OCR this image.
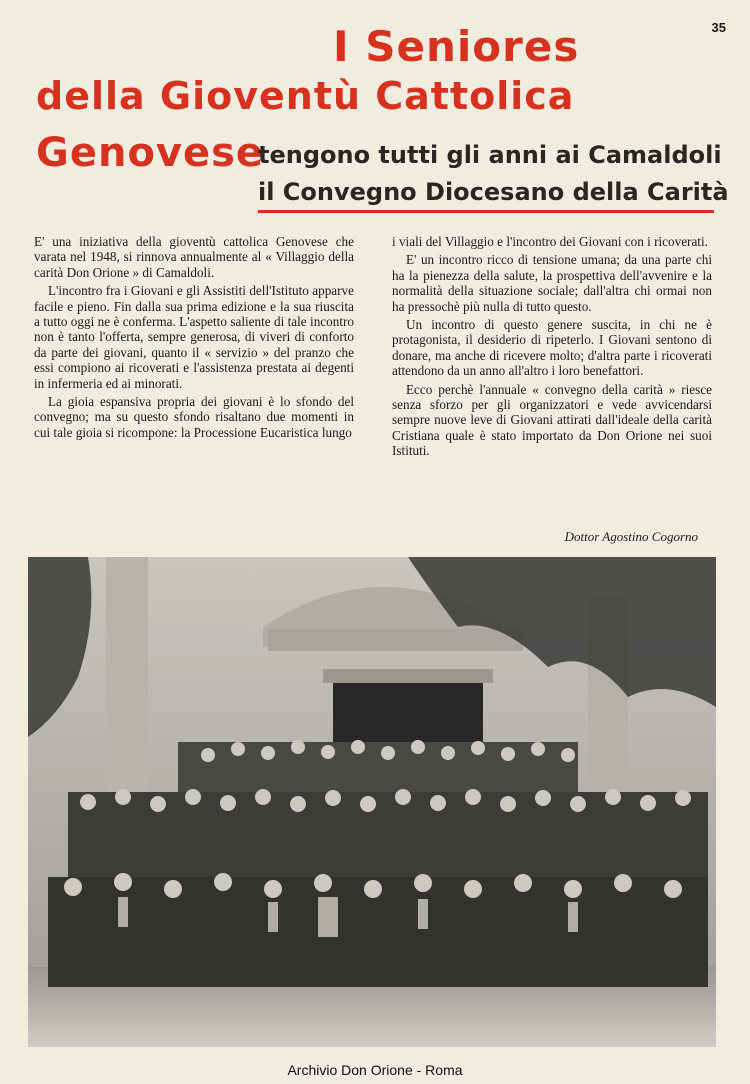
35
I Seniores
della Gioventù Cattolica
Genovese
tengono tutti gli anni ai Camaldoli
il Convegno Diocesano della Carità

E' una iniziativa della gioventù cattolica Genovese che varata nel 1948, si rinnova annualmente al « Villaggio della carità Don Orione » di Camaldoli.

L'incontro fra i Giovani e gli Assistiti dell'Istituto apparve facile e pieno. Fin dalla sua prima edizione e la sua riuscita a tutto oggi ne è conferma. L'aspetto saliente di tale incontro non è tanto l'offerta, sempre generosa, di viveri di conforto da parte dei giovani, quanto il « servizio » del pranzo che essi compiono ai ricoverati e l'assistenza prestata ai degenti in infermeria ed ai minorati.

La gioia espansiva propria dei giovani è lo sfondo del convegno; ma su questo sfondo risaltano due momenti in cui tale gioia si ricompone: la Processione Eucaristica lungo

i viali del Villaggio e l'incontro dei Giovani con i ricoverati.

E' un incontro ricco di tensione umana; da una parte chi ha la pienezza della salute, la prospettiva dell'avvenire e la normalità della situazione sociale; dall'altra chi ormai non ha pressochè più nulla di tutto questo.

Un incontro di questo genere suscita, in chi ne è protagonista, il desiderio di ripeterlo. I Giovani sentono di donare, ma anche di ricevere molto; d'altra parte i ricoverati attendono da un anno all'altro i loro benefattori.

Ecco perchè l'annuale « convegno della carità » riesce senza sforzo per gli organizzatori e vede avvicendarsi sempre nuove leve di Giovani attirati dall'ideale della carità Cristiana quale è stato importato da Don Orione nei suoi Istituti.

Dottor Agostino Cogorno
Archivio Don Orione - Roma
